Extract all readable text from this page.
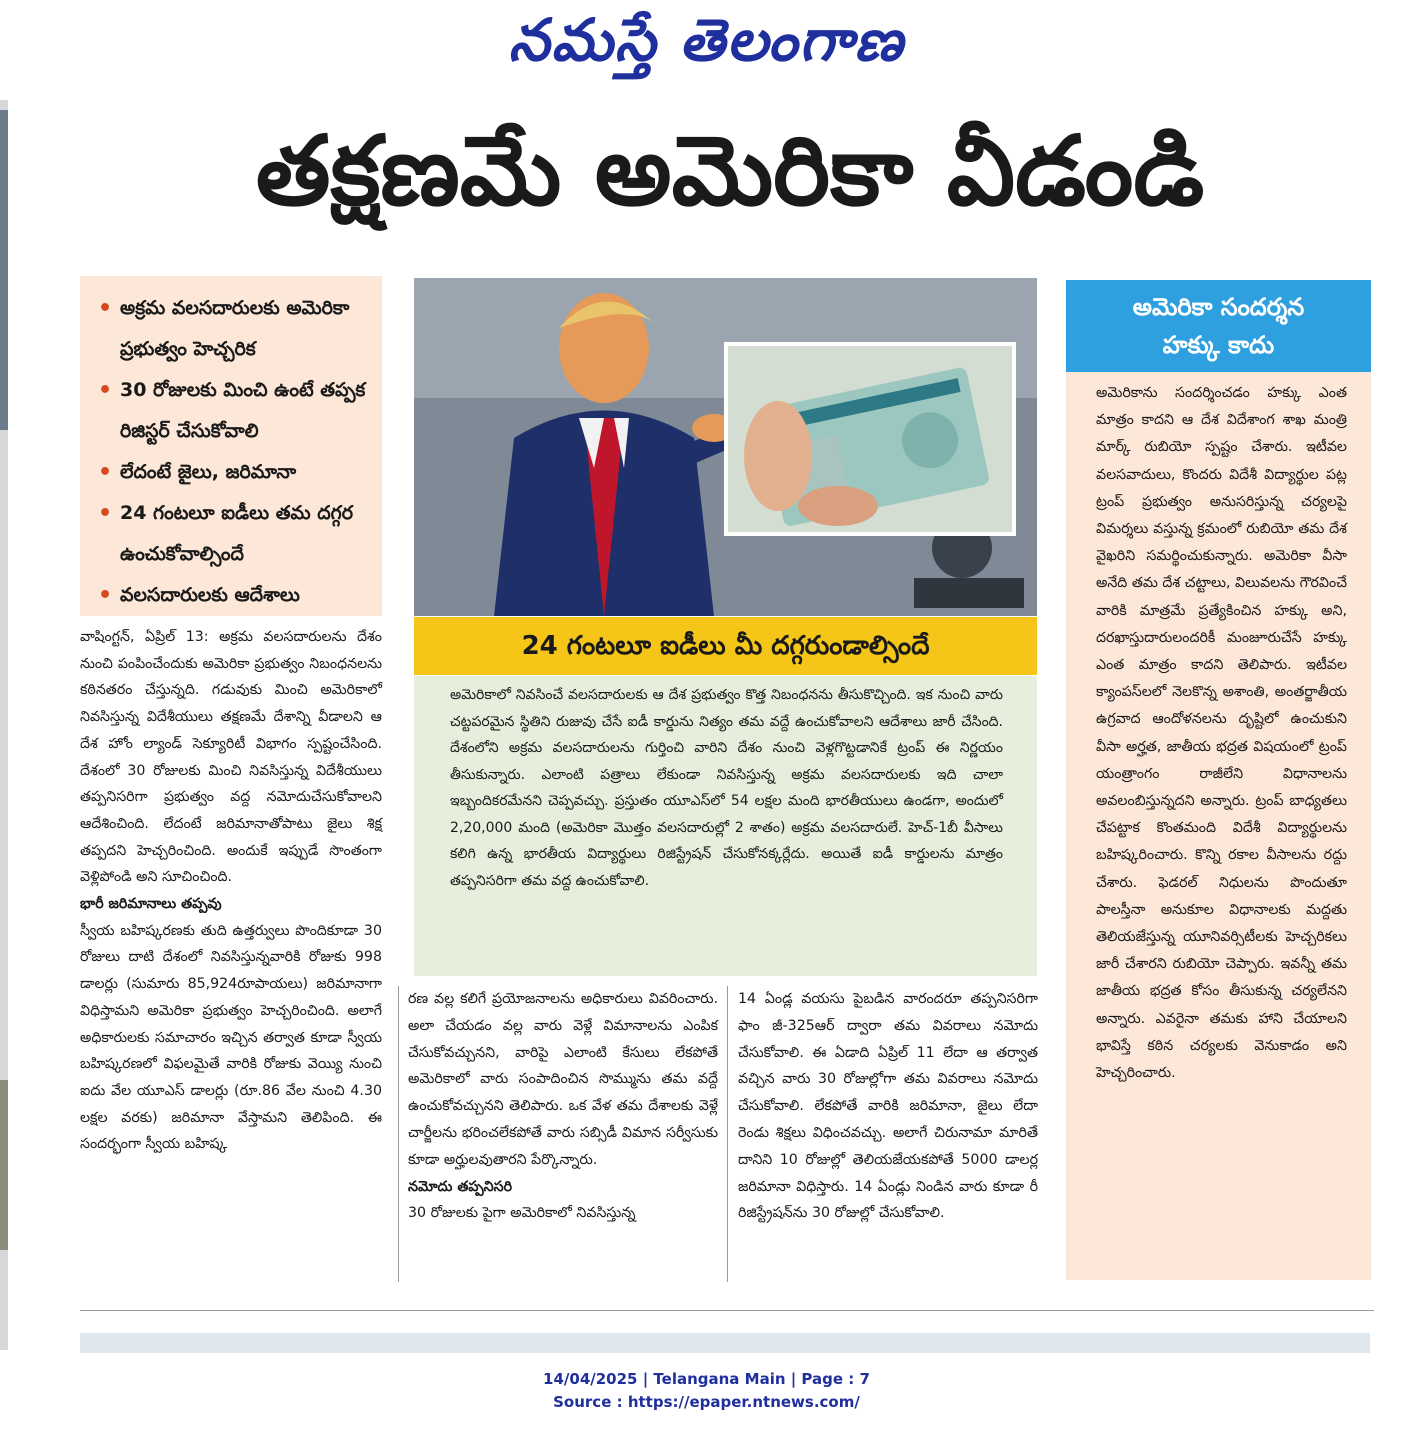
నమస్తే తెలంగాణ
తక్షణమే అమెరికా వీడండి
• అక్రమ వలసదారులకు అమెరికా ప్రభుత్వం హెచ్చరిక
• 30 రోజులకు మించి ఉంటే తప్పక రిజిస్టర్ చేసుకోవాలి
• లేదంటే జైలు, జరిమానా
• 24 గంటలూ ఐడీలు తమ దగ్గర ఉంచుకోవాల్సిందే
• వలసదారులకు ఆదేశాలు
24 గంటలూ ఐడీలు మీ దగ్గరుండాల్సిందే

అమెరికాలో నివసించే వలసదారులకు ఆ దేశ ప్రభుత్వం కొత్త నిబంధనను తీసుకొచ్చింది. ఇక నుంచి వారు చట్టపరమైన స్థితిని రుజువు చేసే ఐడీ కార్డును నిత్యం తమ వద్దే ఉంచుకోవాలని ఆదేశాలు జారీ చేసింది. దేశంలోని అక్రమ వలసదారులను గుర్తించి వారిని దేశం నుంచి వెళ్లగొట్టడానికే ట్రంప్ ఈ నిర్ణయం తీసుకున్నారు. ఎలాంటి పత్రాలు లేకుండా నివసిస్తున్న అక్రమ వలసదారులకు ఇది చాలా ఇబ్బందికరమేనని చెప్పవచ్చు. ప్రస్తుతం యూఎస్‌లో 54 లక్షల మంది భారతీయులు ఉండగా, అందులో 2,20,000 మంది (అమెరికా మొత్తం వలసదారుల్లో 2 శాతం) అక్రమ వలసదారులే. హెచ్-1బీ వీసాలు కలిగి ఉన్న భారతీయ విద్యార్థులు రిజిస్ట్రేషన్ చేసుకోనక్కర్లేదు. అయితే ఐడీ కార్డులను మాత్రం తప్పనిసరిగా తమ వద్ద ఉంచుకోవాలి.

అమెరికా సందర్శన
హక్కు కాదు

అమెరికాను సందర్శించడం హక్కు ఎంత మాత్రం కాదని ఆ దేశ విదేశాంగ శాఖ మంత్రి మార్క్ రుబియో స్పష్టం చేశారు. ఇటీవల వలసవాదులు, కొందరు విదేశీ విద్యార్థుల పట్ల ట్రంప్ ప్రభుత్వం అనుసరిస్తున్న చర్యలపై విమర్శలు వస్తున్న క్రమంలో రుబియో తమ దేశ వైఖరిని సమర్థించుకున్నారు. అమెరికా వీసా అనేది తమ దేశ చట్టాలు, విలువలను గౌరవించే వారికి మాత్రమే ప్రత్యేకించిన హక్కు అని, దరఖాస్తుదారులందరికీ మంజూరుచేసే హక్కు ఎంత మాత్రం కాదని తెలిపారు. ఇటీవల క్యాంపస్‌లలో నెలకొన్న అశాంతి, అంతర్జాతీయ ఉగ్రవాద ఆందోళనలను దృష్టిలో ఉంచుకుని వీసా అర్హత, జాతీయ భద్రత విషయంలో ట్రంప్ యంత్రాంగం రాజీలేని విధానాలను అవలంబిస్తున్నదని అన్నారు. ట్రంప్ బాధ్యతలు చేపట్టాక కొంతమంది విదేశీ విద్యార్థులను బహిష్కరించారు. కొన్ని రకాల వీసాలను రద్దు చేశారు. ఫెడరల్ నిధులను పొందుతూ పాలస్తీనా అనుకూల విధానాలకు మద్దతు తెలియజేస్తున్న యూనివర్సిటీలకు హెచ్చరికలు జారీ చేశారని రుబియో చెప్పారు. ఇవన్నీ తమ జాతీయ భద్రత కోసం తీసుకున్న చర్యలేనని అన్నారు. ఎవరైనా తమకు హాని చేయాలని భావిస్తే కఠిన చర్యలకు వెనుకాడం అని హెచ్చరించారు.

వాషింగ్టన్, ఏప్రిల్ 13: అక్రమ వలసదారులను దేశం నుంచి పంపించేందుకు అమెరికా ప్రభుత్వం నిబంధనలను కఠినతరం చేస్తున్నది. గడువుకు మించి అమెరికాలో నివసిస్తున్న విదేశీయులు తక్షణమే దేశాన్ని వీడాలని ఆ దేశ హోం ల్యాండ్ సెక్యూరిటీ విభాగం స్పష్టంచేసింది. దేశంలో 30 రోజులకు మించి నివసిస్తున్న విదేశీయులు తప్పనిసరిగా ప్రభుత్వం వద్ద నమోదుచేసుకోవాలని ఆదేశించింది. లేదంటే జరిమానాతోపాటు జైలు శిక్ష తప్పదని హెచ్చరించింది. అందుకే ఇప్పుడే సొంతంగా వెళ్లిపోండి అని సూచించింది.

భారీ జరిమానాలు తప్పవు

స్వీయ బహిష్కరణకు తుది ఉత్తర్వులు పొందికూడా 30 రోజులు దాటి దేశంలో నివసిస్తున్నవారికి రోజుకు 998 డాలర్లు (సుమారు 85,924రూపాయలు) జరిమానాగా విధిస్తామని అమెరికా ప్రభుత్వం హెచ్చరించింది. అలాగే అధికారులకు సమాచారం ఇచ్చిన తర్వాత కూడా స్వీయ బహిష్కరణలో విఫలమైతే వారికి రోజుకు వెయ్యి నుంచి ఐదు వేల యూఎస్ డాలర్లు (రూ.86 వేల నుంచి 4.30 లక్షల వరకు) జరిమానా వేస్తామని తెలిపింది. ఈ సందర్భంగా స్వీయ బహిష్క

రణ వల్ల కలిగే ప్రయోజనాలను అధికారులు వివరించారు. అలా చేయడం వల్ల వారు వెళ్లే విమానాలను ఎంపిక చేసుకోవచ్చునని, వారిపై ఎలాంటి కేసులు లేకపోతే అమెరికాలో వారు సంపాదించిన సొమ్మును తమ వద్దే ఉంచుకోవచ్చునని తెలిపారు. ఒక వేళ తమ దేశాలకు వెళ్లే చార్జీలను భరించలేకపోతే వారు సబ్సిడీ విమాన సర్వీసుకు కూడా అర్హులవుతారని పేర్కొన్నారు.

నమోదు తప్పనిసరి

30 రోజులకు పైగా అమెరికాలో నివసిస్తున్న

14 ఏండ్ల వయసు పైబడిన వారందరూ తప్పనిసరిగా ఫాం జీ-325ఆర్ ద్వారా తమ వివరాలు నమోదు చేసుకోవాలి. ఈ ఏడాది ఏప్రిల్ 11 లేదా ఆ తర్వాత వచ్చిన వారు 30 రోజుల్లోగా తమ వివరాలు నమోదు చేసుకోవాలి. లేకపోతే వారికి జరిమానా, జైలు లేదా రెండు శిక్షలు విధించవచ్చు. అలాగే చిరునామా మారితే దానిని 10 రోజుల్లో తెలియజేయకపోతే 5000 డాలర్ల జరిమానా విధిస్తారు. 14 ఏండ్లు నిండిన వారు కూడా రీ రిజిస్ట్రేషన్‌ను 30 రోజుల్లో చేసుకోవాలి.

14/04/2025 | Telangana Main | Page : 7
Source : https://epaper.ntnews.com/
